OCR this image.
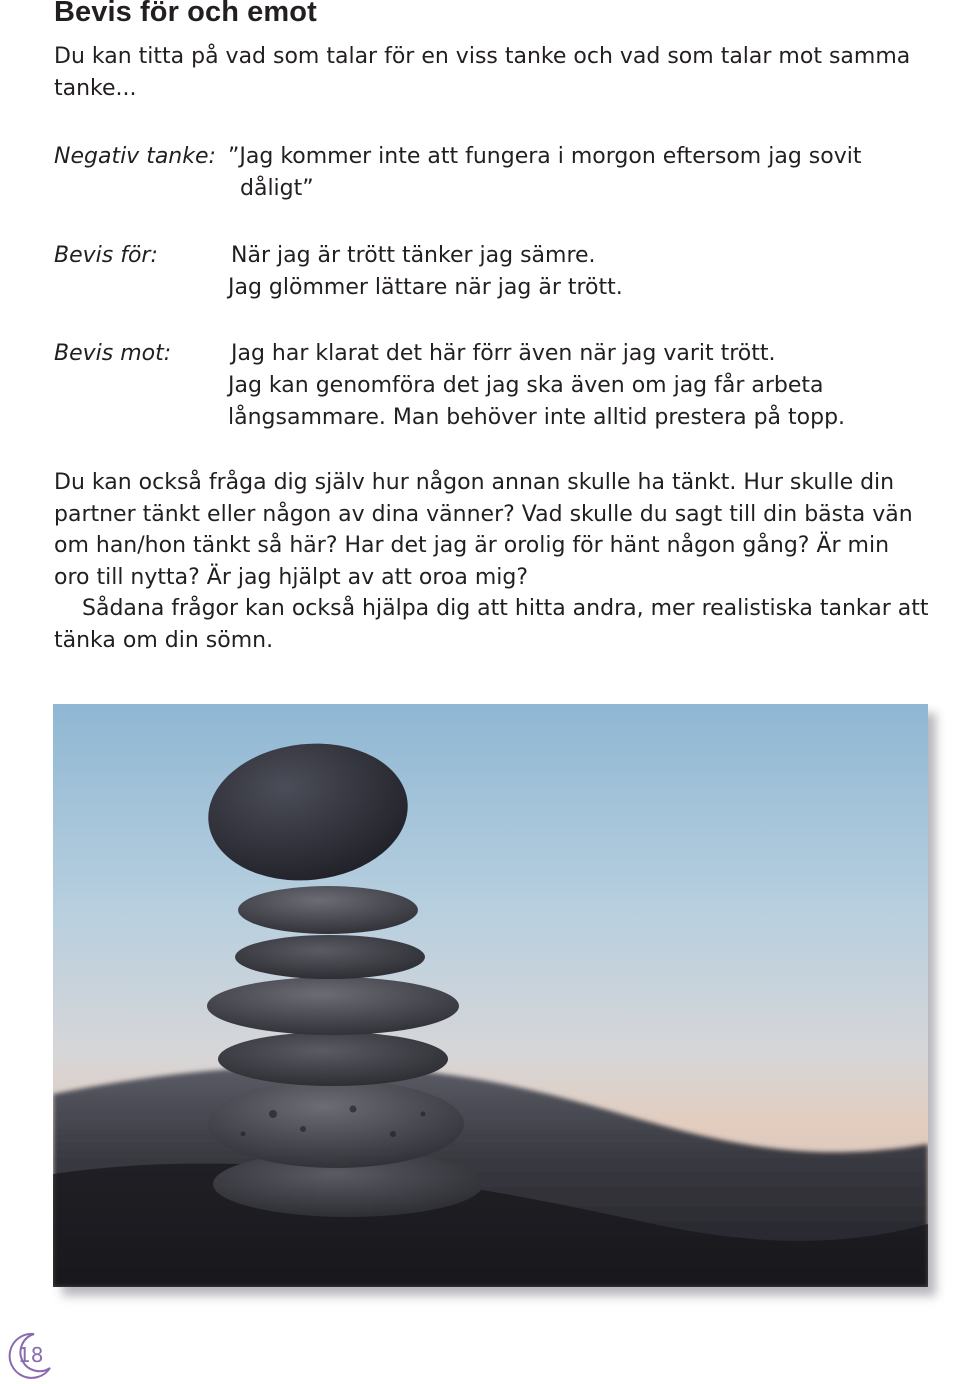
Bevis för och emot
Du kan titta på vad som talar för en viss tanke och vad som talar mot samma
tanke...
Negativ tanke: ”Jag kommer inte att fungera i morgon eftersom jag sovit
dåligt”
Bevis för:	När jag är trött tänker jag sämre.
Jag glömmer lättare när jag är trött.
Bevis mot:	Jag har klarat det här förr även när jag varit trött.
Jag kan genomföra det jag ska även om jag får arbeta
långsammare. Man behöver inte alltid prestera på topp.
Du kan också fråga dig själv hur någon annan skulle ha tänkt. Hur skulle din
partner tänkt eller någon av dina vänner? Vad skulle du sagt till din bästa vän
om han/hon tänkt så här? Har det jag är orolig för hänt någon gång? Är min
oro till nytta? Är jag hjälpt av att oroa mig?
Sådana frågor kan också hjälpa dig att hitta andra, mer realistiska tankar att
tänka om din sömn.
18
